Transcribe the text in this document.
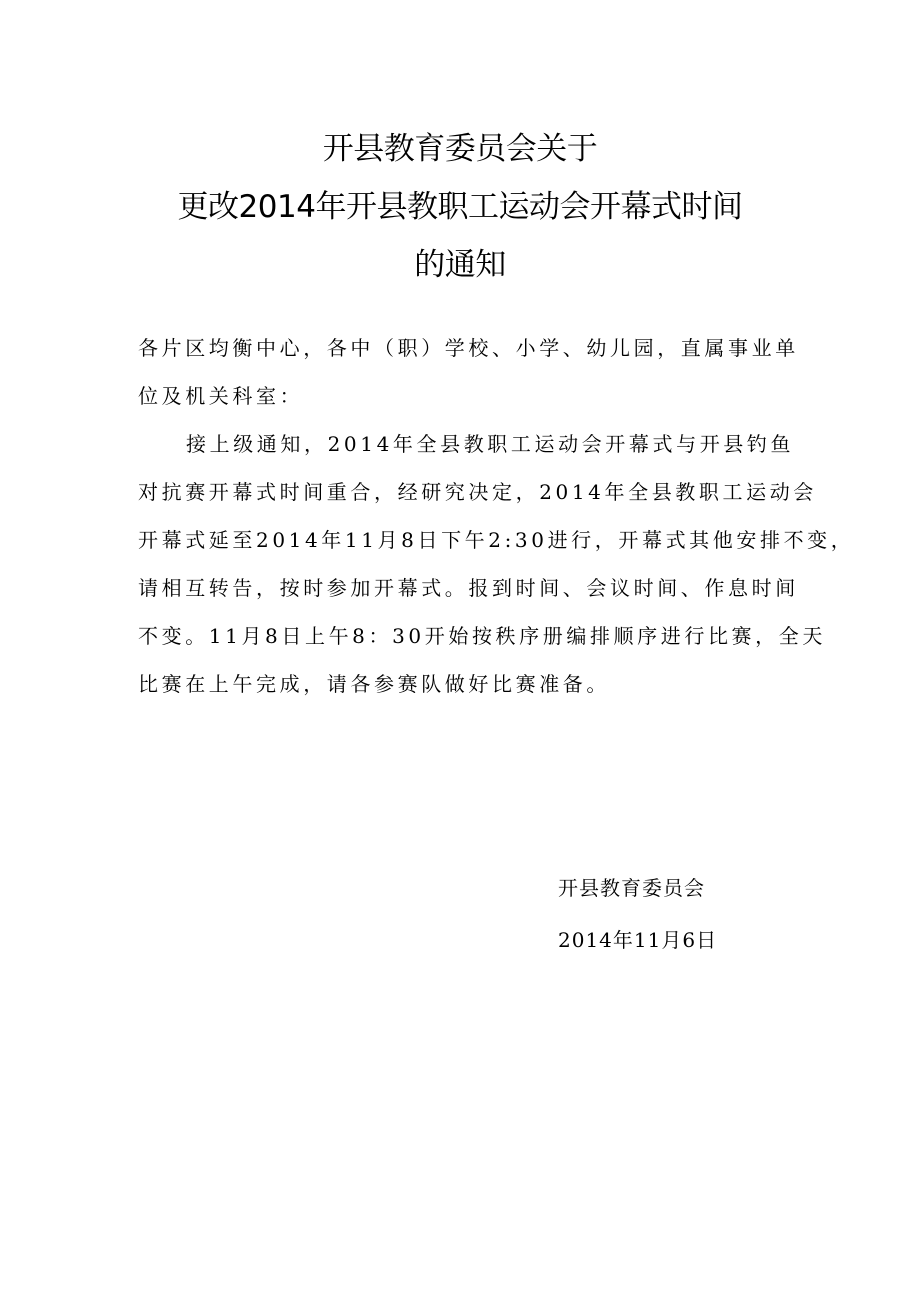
开县教育委员会关于
更改2014年开县教职工运动会开幕式时间
的通知
各片区均衡中心，各中（职）学校、小学、幼儿园，直属事业单
位及机关科室：
接上级通知，2014年全县教职工运动会开幕式与开县钓鱼
对抗赛开幕式时间重合，经研究决定，2014年全县教职工运动会
开幕式延至2014年11月8日下午2:30进行，开幕式其他安排不变，
请相互转告，按时参加开幕式。报到时间、会议时间、作息时间
不变。11月8日上午8：30开始按秩序册编排顺序进行比赛，全天
比赛在上午完成，请各参赛队做好比赛准备。
开县教育委员会
2014年11月6日
